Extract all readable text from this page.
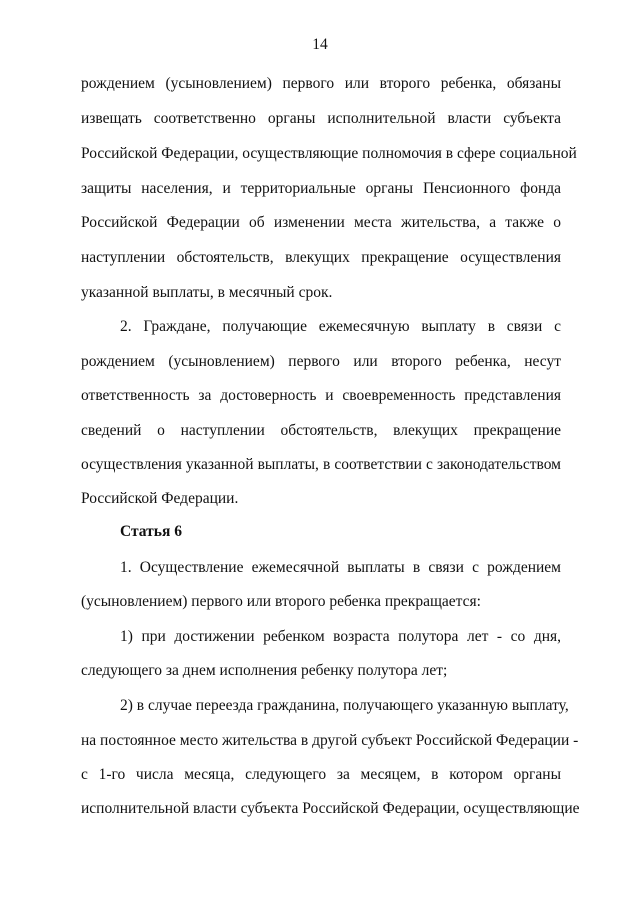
14
рождением (усыновлением) первого или второго ребенка, обязаны
извещать соответственно органы исполнительной власти субъекта
Российской Федерации, осуществляющие полномочия в сфере социальной
защиты населения, и территориальные органы Пенсионного фонда
Российской Федерации об изменении места жительства, а также о
наступлении обстоятельств, влекущих прекращение осуществления
указанной выплаты, в месячный срок.
2. Граждане, получающие ежемесячную выплату в связи с
рождением (усыновлением) первого или второго ребенка, несут
ответственность за достоверность и своевременность представления
сведений о наступлении обстоятельств, влекущих прекращение
осуществления указанной выплаты, в соответствии с законодательством
Российской Федерации.
Статья 6
1. Осуществление ежемесячной выплаты в связи с рождением
(усыновлением) первого или второго ребенка прекращается:
1) при достижении ребенком возраста полутора лет - со дня,
следующего за днем исполнения ребенку полутора лет;
2) в случае переезда гражданина, получающего указанную выплату,
на постоянное место жительства в другой субъект Российской Федерации -
с 1-го числа месяца, следующего за месяцем, в котором органы
исполнительной власти субъекта Российской Федерации, осуществляющие
